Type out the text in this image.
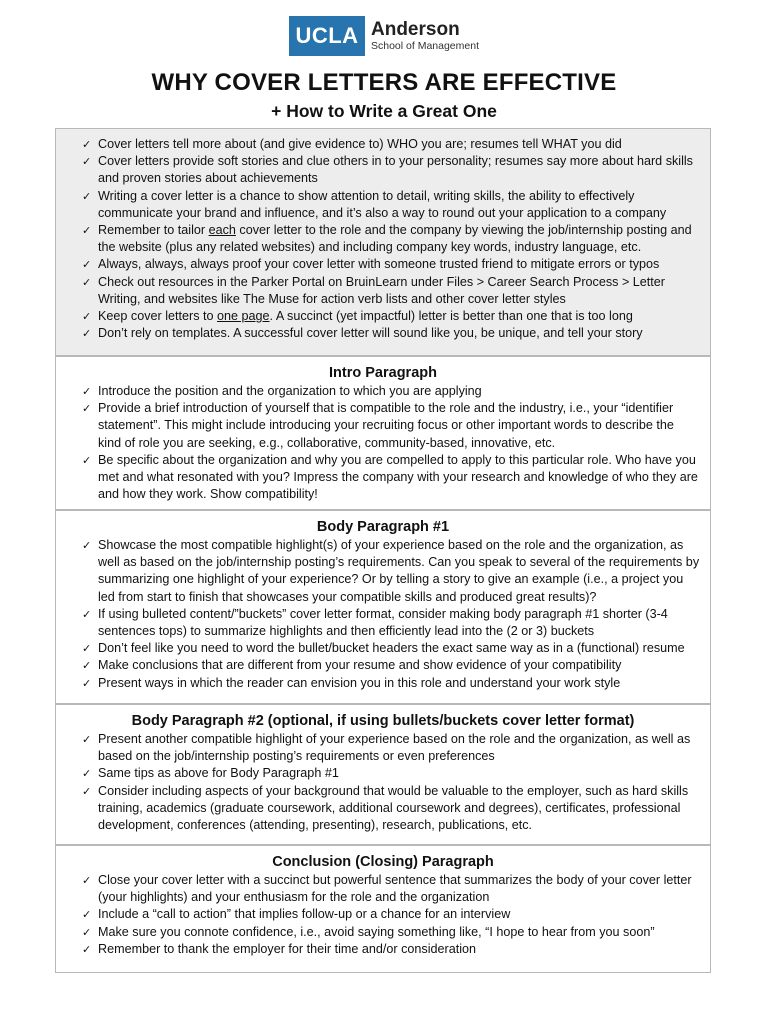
UCLA Anderson
School of Management
WHY COVER LETTERS ARE EFFECTIVE
+ How to Write a Great One
✓ Cover letters tell more about (and give evidence to) WHO you are; resumes tell WHAT you did
✓ Cover letters provide soft stories and clue others in to your personality; resumes say more about hard skills and proven stories about achievements
✓ Writing a cover letter is a chance to show attention to detail, writing skills, the ability to effectively communicate your brand and influence, and it’s also a way to round out your application to a company
✓ Remember to tailor each cover letter to the role and the company by viewing the job/internship posting and the website (plus any related websites) and including company key words, industry language, etc.
✓ Always, always, always proof your cover letter with someone trusted friend to mitigate errors or typos
✓ Check out resources in the Parker Portal on BruinLearn under Files > Career Search Process > Letter Writing, and websites like The Muse for action verb lists and other cover letter styles
✓ Keep cover letters to one page. A succinct (yet impactful) letter is better than one that is too long
✓ Don’t rely on templates. A successful cover letter will sound like you, be unique, and tell your story
Intro Paragraph
✓ Introduce the position and the organization to which you are applying
✓ Provide a brief introduction of yourself that is compatible to the role and the industry, i.e., your “identifier statement”. This might include introducing your recruiting focus or other important words to describe the kind of role you are seeking, e.g., collaborative, community-based, innovative, etc.
✓ Be specific about the organization and why you are compelled to apply to this particular role. Who have you met and what resonated with you? Impress the company with your research and knowledge of who they are and how they work. Show compatibility!
Body Paragraph #1
✓ Showcase the most compatible highlight(s) of your experience based on the role and the organization, as well as based on the job/internship posting’s requirements. Can you speak to several of the requirements by summarizing one highlight of your experience? Or by telling a story to give an example (i.e., a project you led from start to finish that showcases your compatible skills and produced great results)?
✓ If using bulleted content/”buckets” cover letter format, consider making body paragraph #1 shorter (3-4 sentences tops) to summarize highlights and then efficiently lead into the (2 or 3) buckets
✓ Don’t feel like you need to word the bullet/bucket headers the exact same way as in a (functional) resume
✓ Make conclusions that are different from your resume and show evidence of your compatibility
✓ Present ways in which the reader can envision you in this role and understand your work style
Body Paragraph #2 (optional, if using bullets/buckets cover letter format)
✓ Present another compatible highlight of your experience based on the role and the organization, as well as based on the job/internship posting’s requirements or even preferences
✓ Same tips as above for Body Paragraph #1
✓ Consider including aspects of your background that would be valuable to the employer, such as hard skills training, academics (graduate coursework, additional coursework and degrees), certificates, professional development, conferences (attending, presenting), research, publications, etc.
Conclusion (Closing) Paragraph
✓ Close your cover letter with a succinct but powerful sentence that summarizes the body of your cover letter (your highlights) and your enthusiasm for the role and the organization
✓ Include a “call to action” that implies follow-up or a chance for an interview
✓ Make sure you connote confidence, i.e., avoid saying something like, “I hope to hear from you soon”
✓ Remember to thank the employer for their time and/or consideration
